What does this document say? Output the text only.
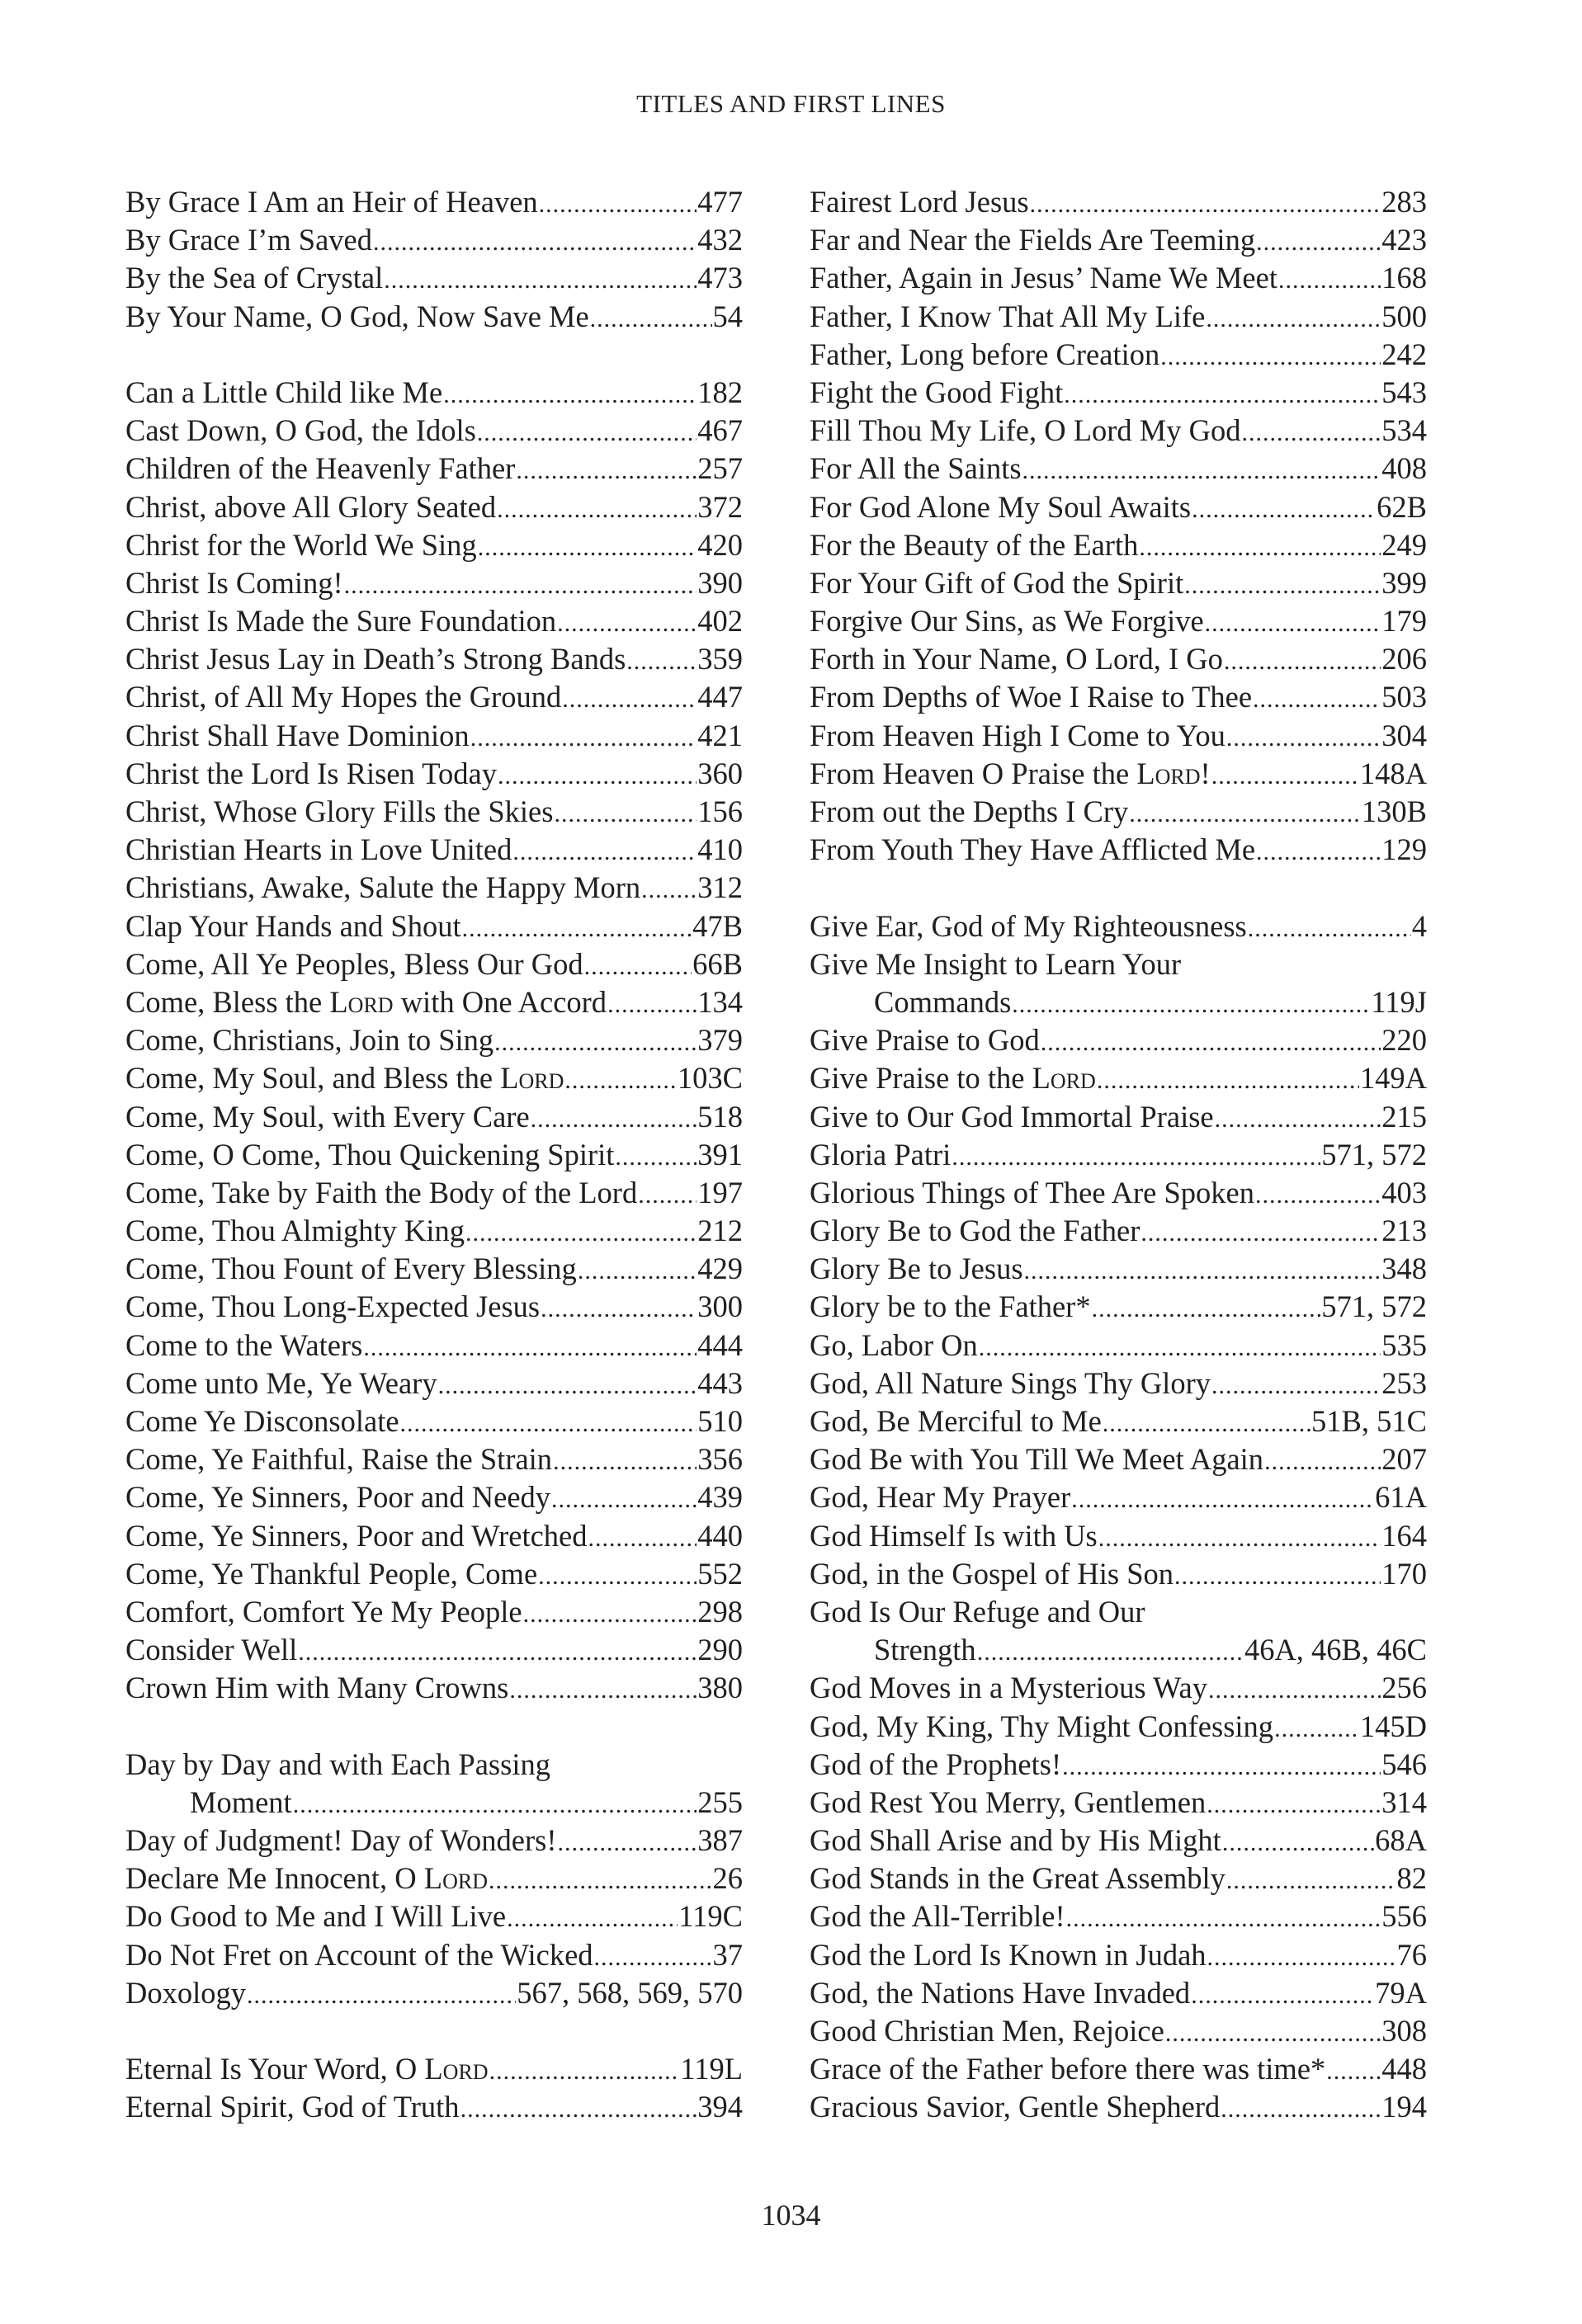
TITLES AND FIRST LINES
By Grace I Am an Heir of Heaven .....	477
By Grace I’m Saved .....	432
By the Sea of Crystal .....	473
By Your Name, O God, Now Save Me .....	54
Can a Little Child like Me .....	182
Cast Down, O God, the Idols .....	467
Children of the Heavenly Father .....	257
Christ, above All Glory Seated .....	372
Christ for the World We Sing .....	420
Christ Is Coming! .....	390
Christ Is Made the Sure Foundation .....	402
Christ Jesus Lay in Death’s Strong Bands ..... 359
Christ, of All My Hopes the Ground .....	447
Christ Shall Have Dominion .....	421
Christ the Lord Is Risen Today .....	360
Christ, Whose Glory Fills the Skies .....	156
Christian Hearts in Love United .....	410
Christians, Awake, Salute the Happy Morn ..... 312
Clap Your Hands and Shout .....	47B
Come, All Ye Peoples, Bless Our God .....	66B
Come, Bless the Lord with One Accord .....	134
Come, Christians, Join to Sing .....	379
Come, My Soul, and Bless the Lord .....	103C
Come, My Soul, with Every Care .....	518
Come, O Come, Thou Quickening Spirit .....	391
Come, Take by Faith the Body of the Lord ..... 197
Come, Thou Almighty King .....	212
Come, Thou Fount of Every Blessing .....	429
Come, Thou Long-Expected Jesus .....	300
Come to the Waters .....	444
Come unto Me, Ye Weary .....	443
Come Ye Disconsolate .....	510
Come, Ye Faithful, Raise the Strain .....	356
Come, Ye Sinners, Poor and Needy .....	439
Come, Ye Sinners, Poor and Wretched .....	440
Come, Ye Thankful People, Come .....	552
Comfort, Comfort Ye My People .....	298
Consider Well .....	290
Crown Him with Many Crowns .....	380
Day by Day and with Each Passing
Moment .....	255
Day of Judgment! Day of Wonders! .....	387
Declare Me Innocent, O Lord .....	26
Do Good to Me and I Will Live .....	119C
Do Not Fret on Account of the Wicked .....	37
Doxology .....	567, 568, 569, 570
Eternal Is Your Word, O Lord .....	119L
Eternal Spirit, God of Truth .....	394
Fairest Lord Jesus .....	283
Far and Near the Fields Are Teeming .....	423
Father, Again in Jesus’ Name We Meet .....	168
Father, I Know That All My Life .....	500
Father, Long before Creation .....	242
Fight the Good Fight .....	543
Fill Thou My Life, O Lord My God .....	534
For All the Saints .....	408
For God Alone My Soul Awaits .....	62B
For the Beauty of the Earth .....	249
For Your Gift of God the Spirit .....	399
Forgive Our Sins, as We Forgive .....	179
Forth in Your Name, O Lord, I Go .....	206
From Depths of Woe I Raise to Thee .....	503
From Heaven High I Come to You .....	304
From Heaven O Praise the Lord! .....	148A
From out the Depths I Cry .....	130B
From Youth They Have Afflicted Me .....	129
Give Ear, God of My Righteousness .....	4
Give Me Insight to Learn Your
Commands .....	119J
Give Praise to God .....	220
Give Praise to the Lord .....	149A
Give to Our God Immortal Praise .....	215
Gloria Patri .....	571, 572
Glorious Things of Thee Are Spoken .....	403
Glory Be to God the Father .....	213
Glory Be to Jesus .....	348
Glory be to the Father* .....	571, 572
Go, Labor On .....	535
God, All Nature Sings Thy Glory .....	253
God, Be Merciful to Me .....	51B, 51C
God Be with You Till We Meet Again .....	207
God, Hear My Prayer .....	61A
God Himself Is with Us .....	164
God, in the Gospel of His Son .....	170
God Is Our Refuge and Our
Strength .....	46A, 46B, 46C
God Moves in a Mysterious Way .....	256
God, My King, Thy Might Confessing .....	145D
God of the Prophets! .....	546
God Rest You Merry, Gentlemen .....	314
God Shall Arise and by His Might .....	68A
God Stands in the Great Assembly .....	82
God the All-Terrible! .....	556
God the Lord Is Known in Judah .....	76
God, the Nations Have Invaded .....	79A
Good Christian Men, Rejoice .....	308
Grace of the Father before there was time* ..... 448
Gracious Savior, Gentle Shepherd .....	194
1034
